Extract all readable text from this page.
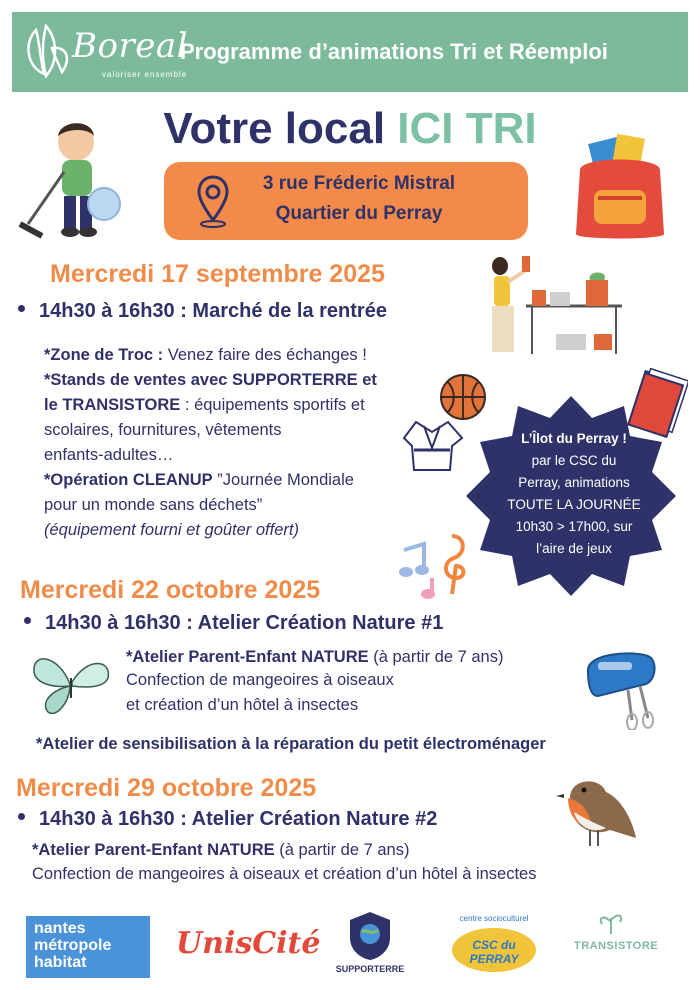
Boreal
valoriser ensemble
Programme d’animations Tri et Réemploi
Votre local ICI TRI
3 rue Fréderic Mistral
Quartier du Perray
Mercredi 17 septembre 2025
14h30 à 16h30 : Marché de la rentrée
*Zone de Troc : Venez faire des échanges !
*Stands de ventes avec SUPPORTERRE et
le TRANSISTORE : équipements sportifs et
scolaires, fournitures, vêtements
enfants-adultes…
*Opération CLEANUP ”Journée Mondiale
pour un monde sans déchets”
(équipement fourni et goûter offert)
L’Îlot du Perray !
par le CSC du
Perray, animations
TOUTE LA JOURNÉE
10h30 > 17h00, sur
l’aire de jeux
Mercredi 22 octobre 2025
14h30 à 16h30 : Atelier Création Nature #1
*Atelier Parent-Enfant NATURE (à partir de 7 ans)
Confection de mangeoires à oiseaux
et création d’un hôtel à insectes
*Atelier de sensibilisation à la réparation du petit électroménager
Mercredi 29 octobre 2025
14h30 à 16h30 : Atelier Création Nature #2
*Atelier Parent-Enfant NATURE (à partir de 7 ans)
Confection de mangeoires à oiseaux et création d’un hôtel à insectes
nantes
métropole
habitat
UnisCité
SUPPORTERRE
centre socioculturel
CSC du PERRAY
TRANSISTORE
